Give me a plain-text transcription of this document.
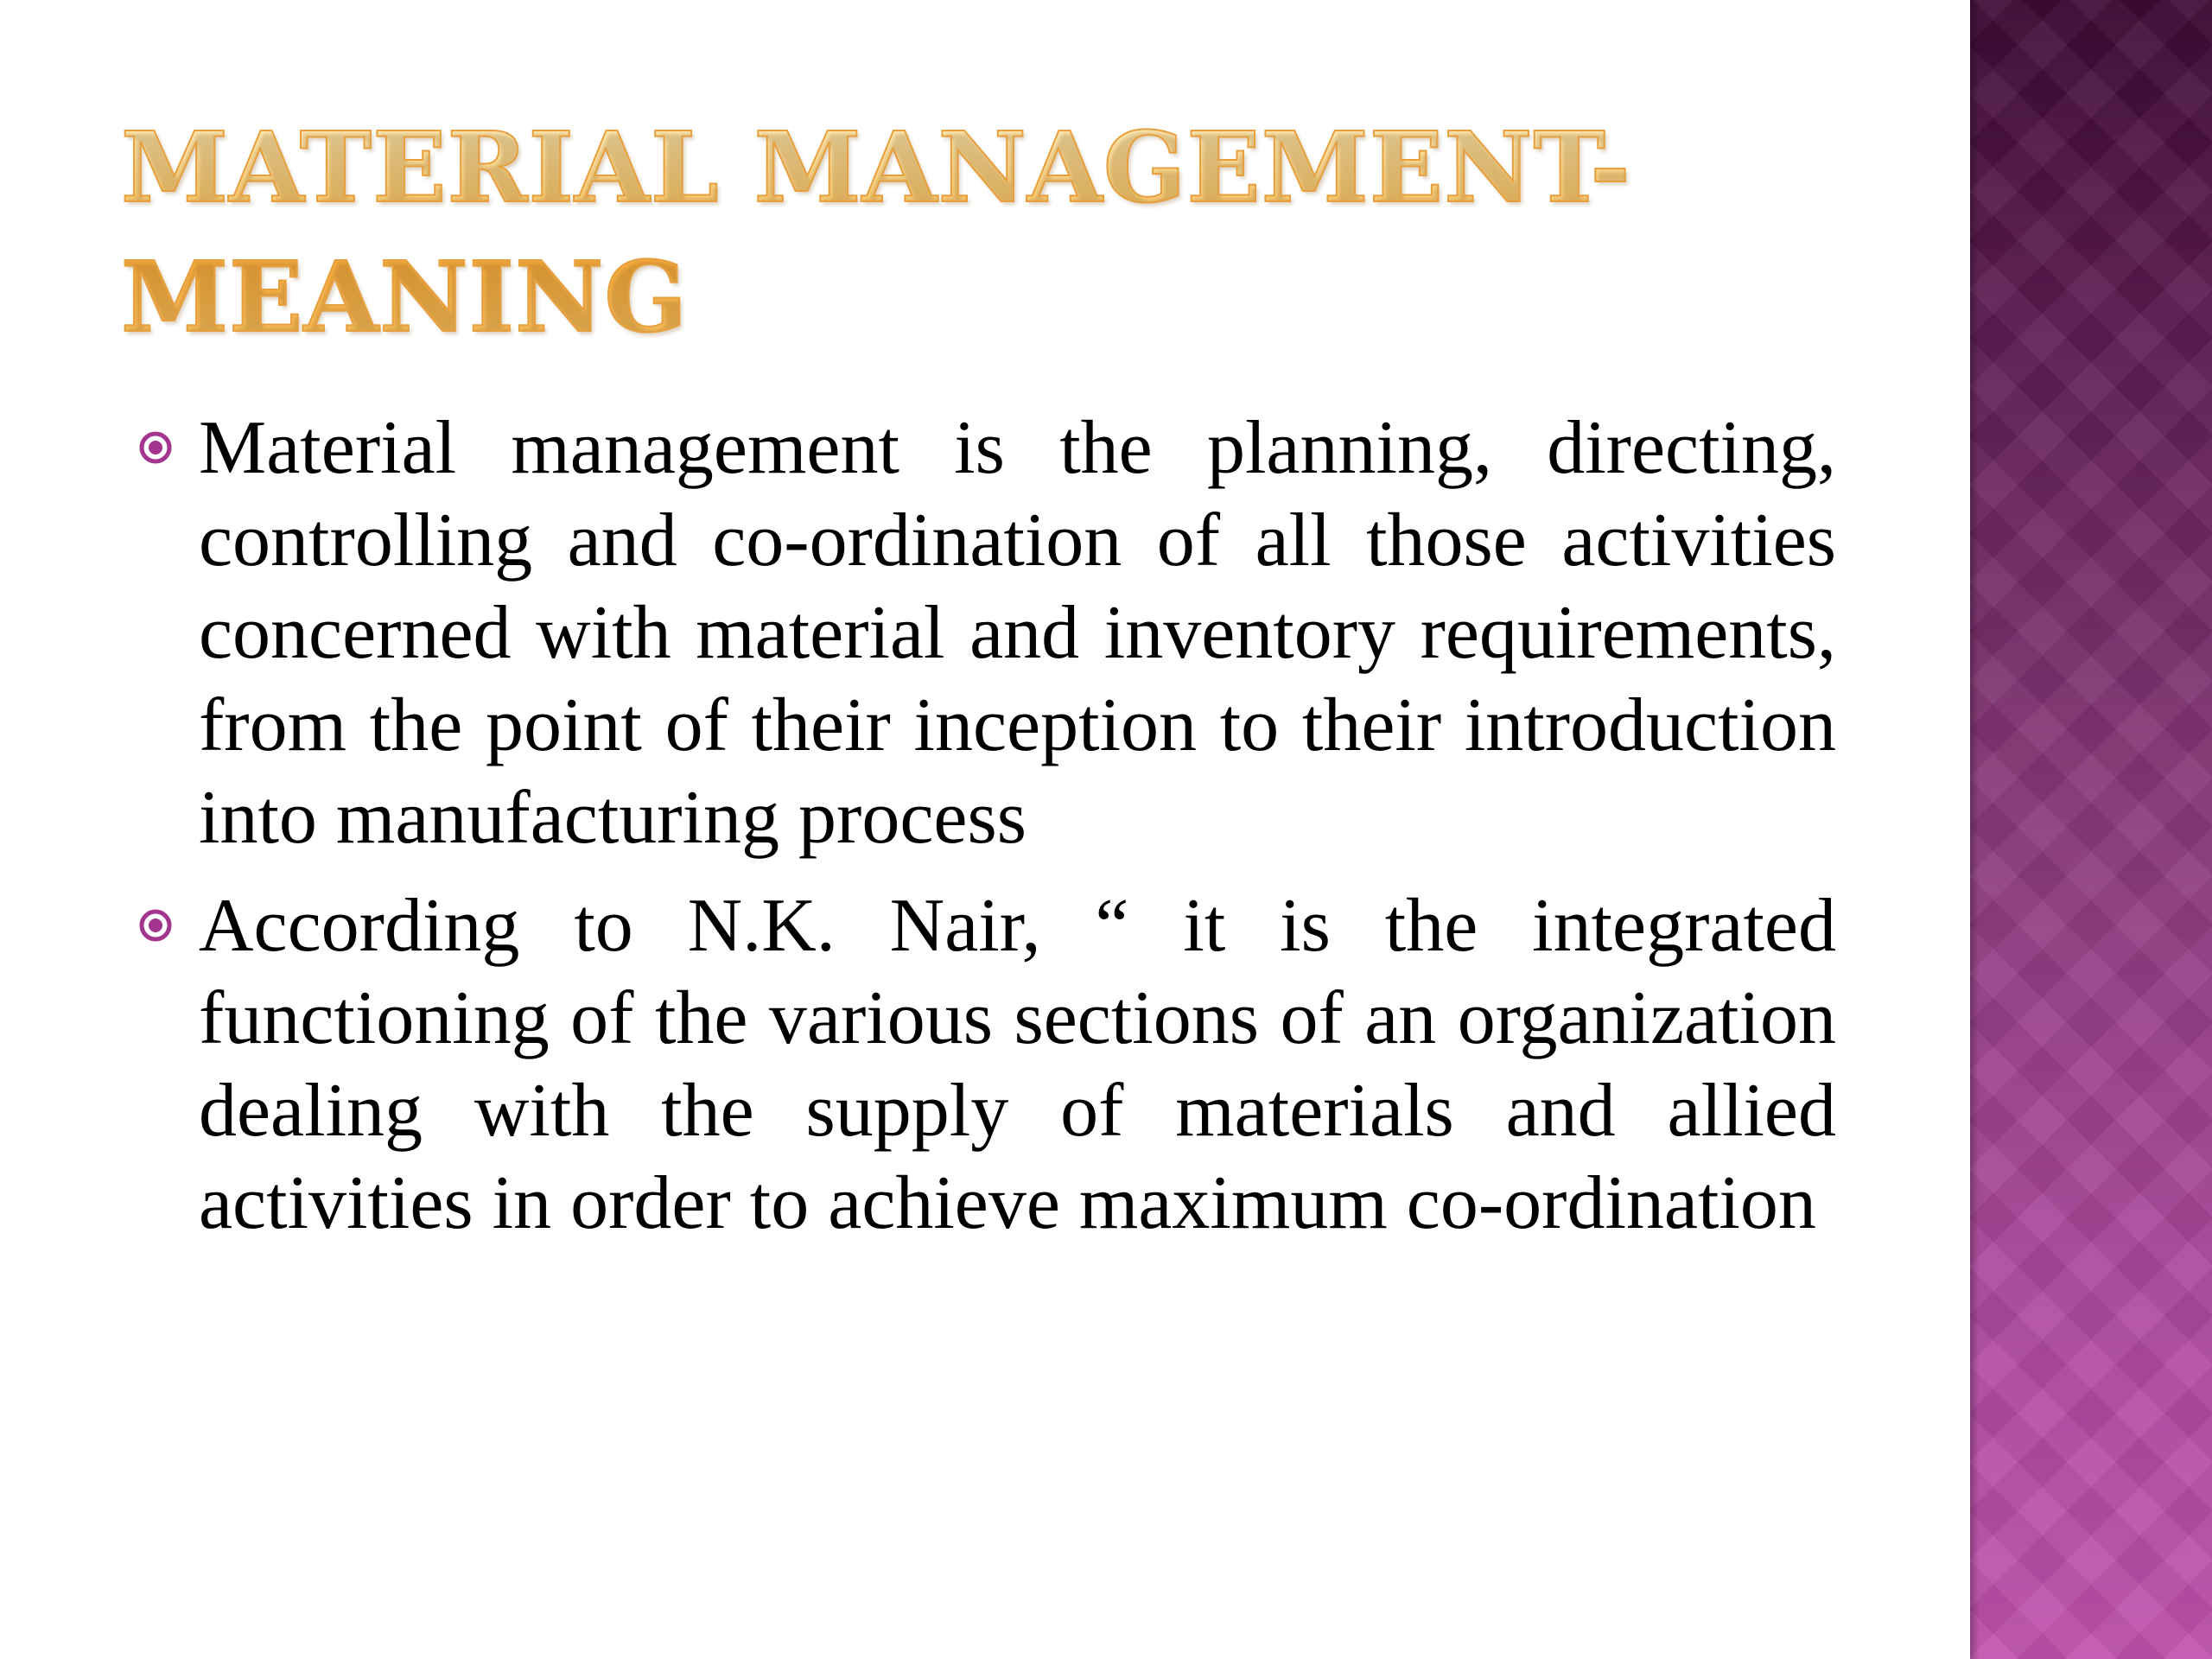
MATERIAL MANAGEMENT-MEANING

Material management is the planning, directing, controlling and co-ordination of all those activities concerned with material and inventory requirements, from the point of their inception to their introduction into manufacturing process

According to N.K. Nair, “ it is the integrated functioning of the various sections of an organization dealing with the supply of materials and allied activities in order to achieve maximum co-ordination
